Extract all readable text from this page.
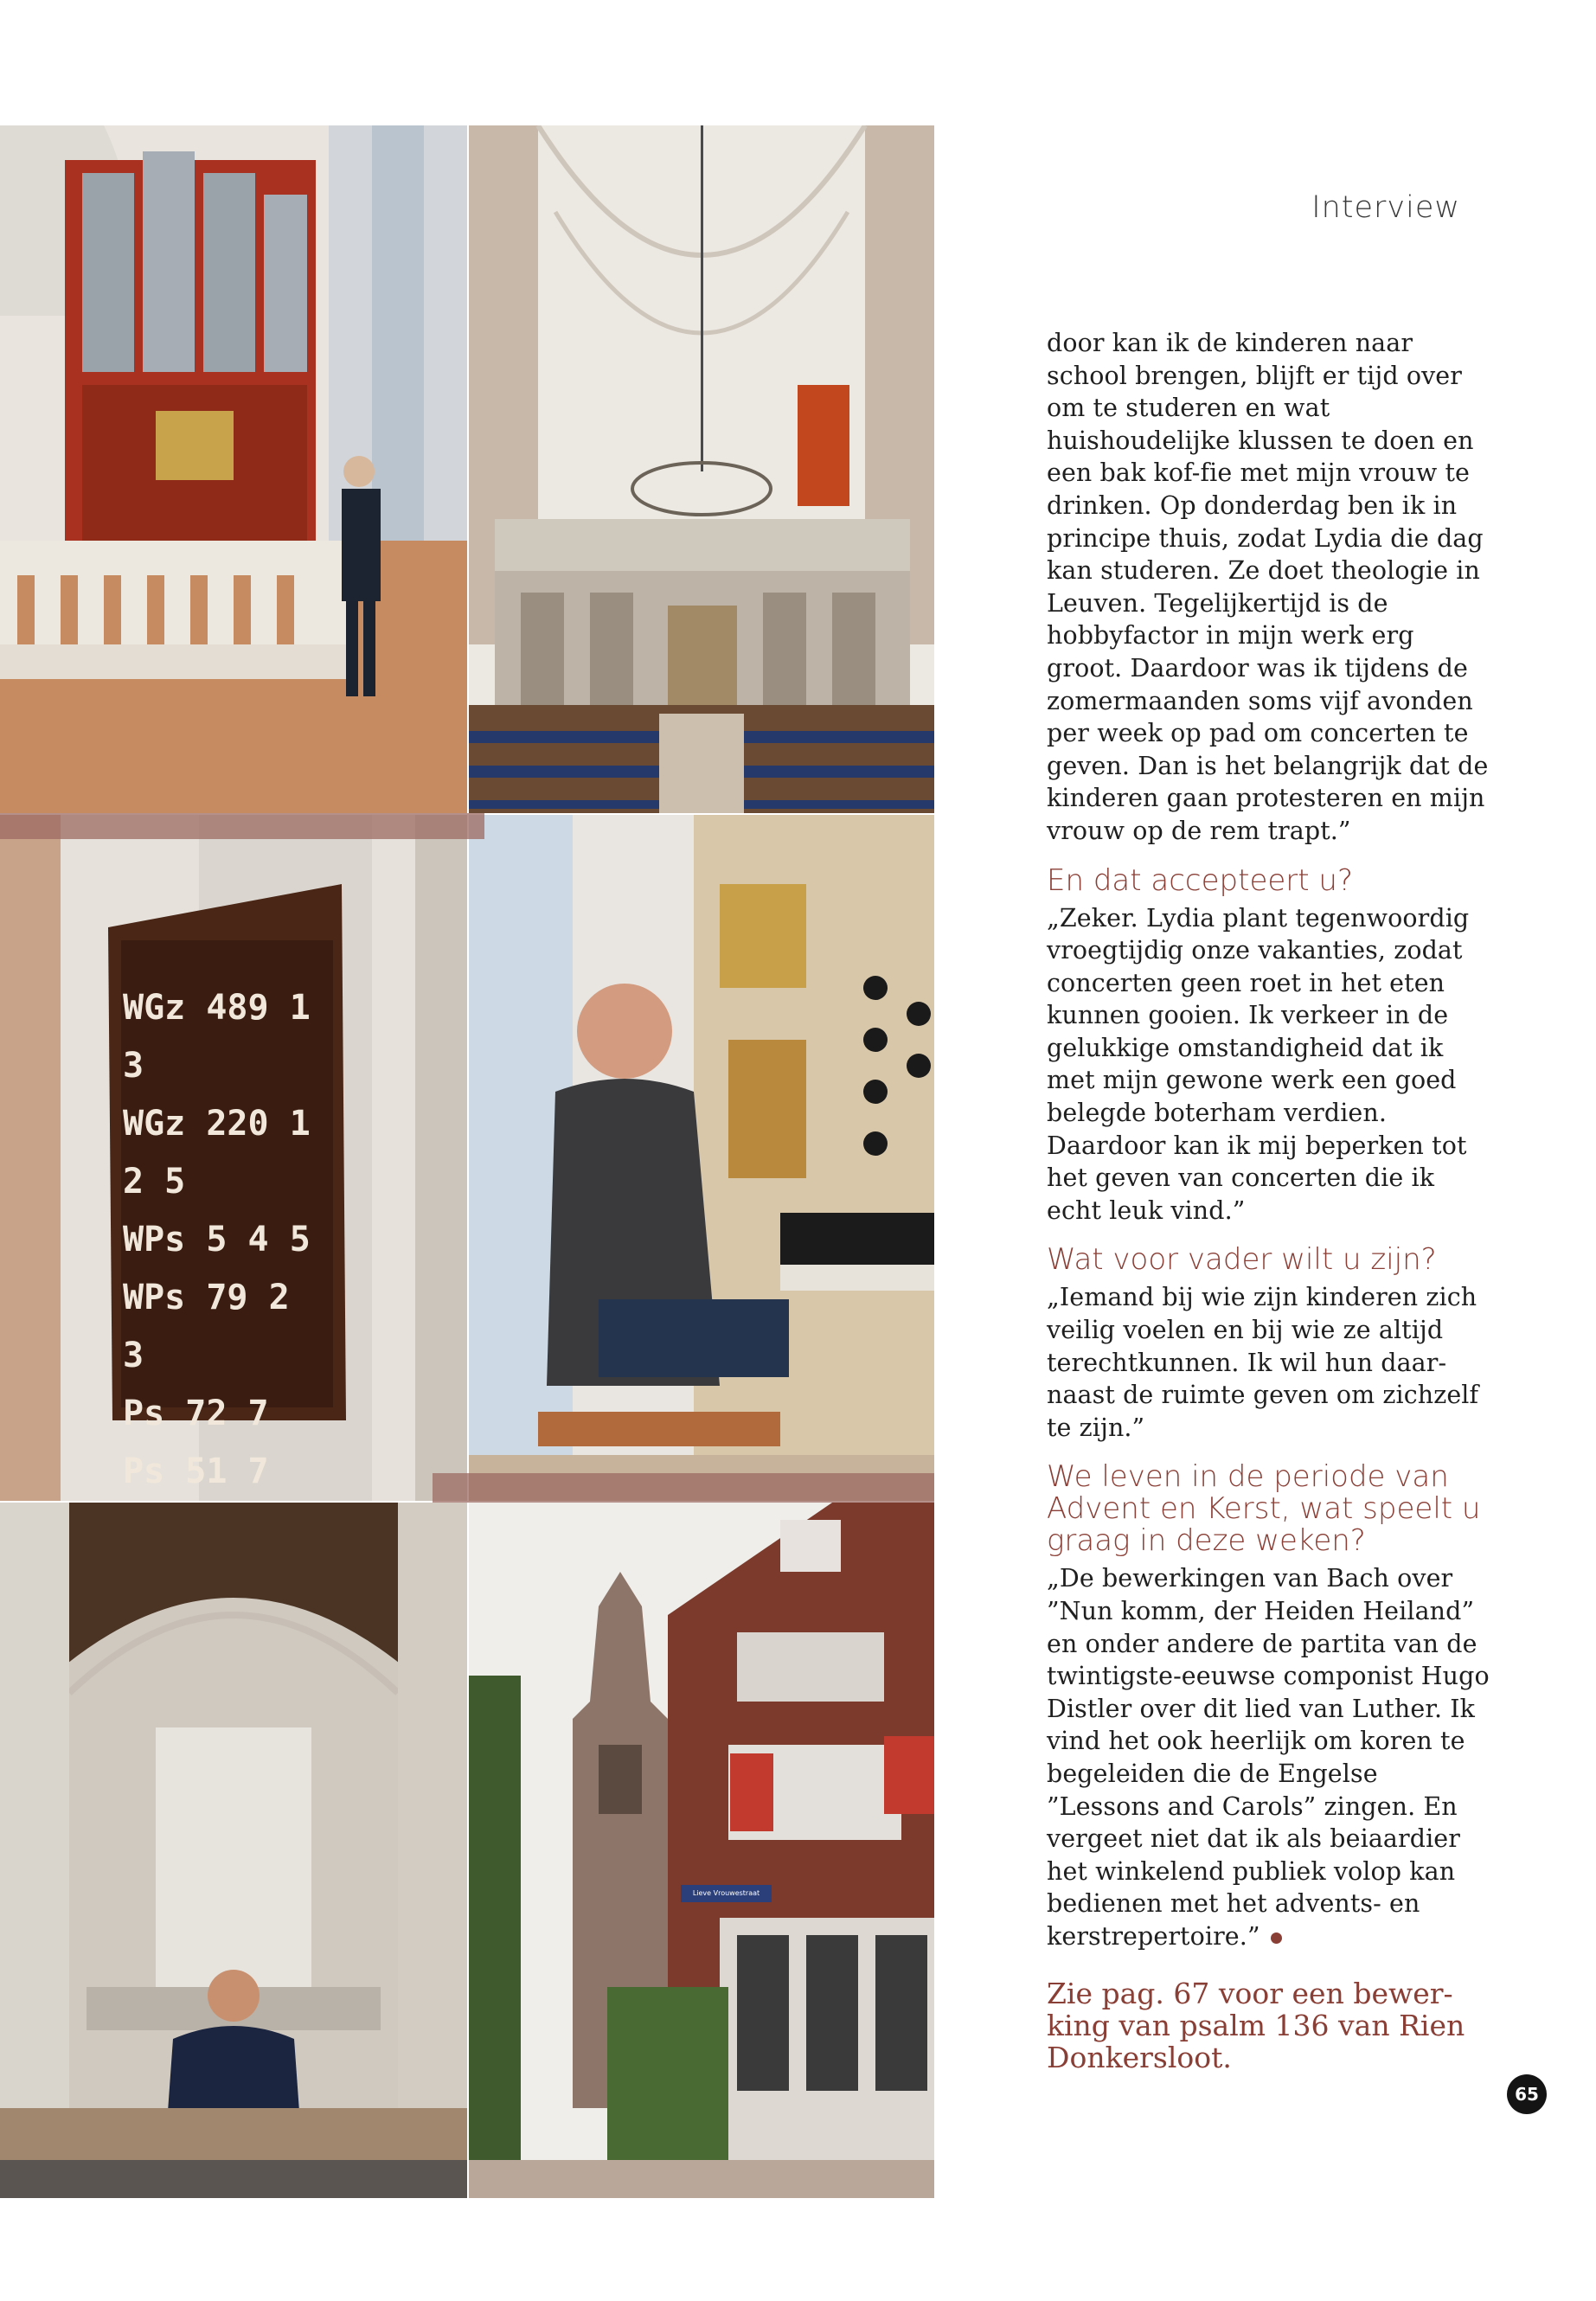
WGz 489 1 3
WGz 220 1 2 5
WPs 5 4 5
WPs 79 2 3
Ps 72 7
Ps 51 7
Lieve Vrouwestraat
Interview

door kan ik de kinderen naar school brengen, blijft er tijd over om te studeren en wat huishoudelijke klussen te doen en een bak kof-fie met mijn vrouw te drinken. Op donderdag ben ik in principe thuis, zodat Lydia die dag kan studeren. Ze doet theologie in Leuven. Tegelijkertijd is de hobbyfactor in mijn werk erg groot. Daardoor was ik tijdens de zomermaanden soms vijf avonden per week op pad om concerten te geven. Dan is het belangrijk dat de kinderen gaan protesteren en mijn vrouw op de rem trapt.”

En dat accepteert u?

„Zeker. Lydia plant tegenwoordig vroegtijdig onze vakanties, zodat concerten geen roet in het eten kunnen gooien. Ik verkeer in de gelukkige omstandigheid dat ik met mijn gewone werk een goed belegde boterham verdien. Daardoor kan ik mij beperken tot het geven van concerten die ik echt leuk vind.”

Wat voor vader wilt u zijn?

„Iemand bij wie zijn kinderen zich veilig voelen en bij wie ze altijd terechtkunnen. Ik wil hun daar-naast de ruimte geven om zichzelf te zijn.”

We leven in de periode van Advent en Kerst, wat speelt u graag in deze weken?

„De bewerkingen van Bach over ”Nun komm, der Heiden Heiland” en onder andere de partita van de twintigste-eeuwse componist Hugo Distler over dit lied van Luther. Ik vind het ook heerlijk om koren te begeleiden die de Engelse ”Lessons and Carols” zingen. En vergeet niet dat ik als beiaardier het winkelend publiek volop kan bedienen met het advents- en kerstrepertoire.”

Zie pag. 67 voor een bewer-king van psalm 136 van Rien Donkersloot.
65
